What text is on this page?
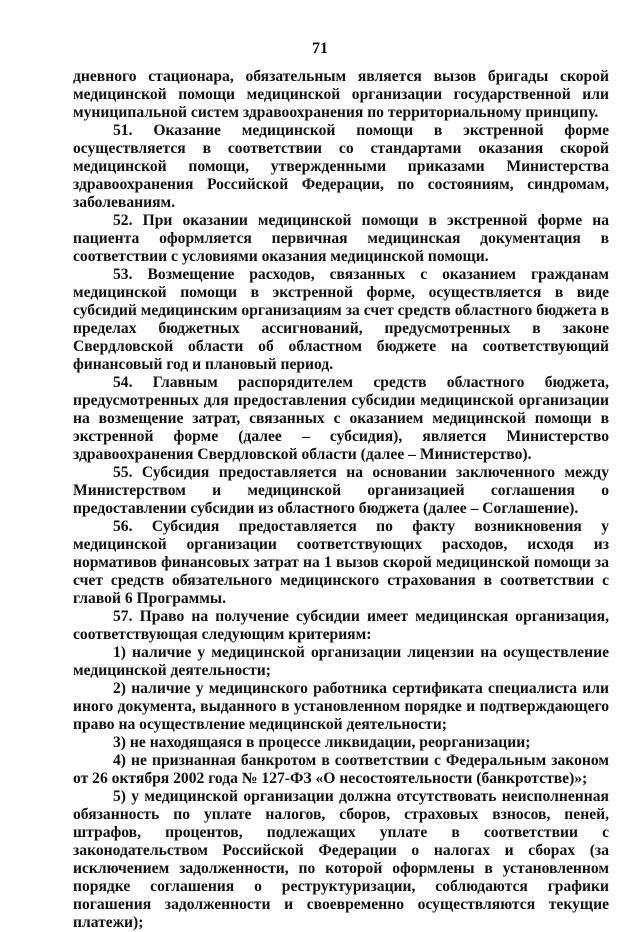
71

дневного стационара, обязательным является вызов бригады скорой медицинской помощи медицинской организации государственной или муниципальной систем здравоохранения по территориальному принципу.

51. Оказание медицинской помощи в экстренной форме осуществляется в соответствии со стандартами оказания скорой медицинской помощи, утвержденными приказами Министерства здравоохранения Российской Федерации, по состояниям, синдромам, заболеваниям.

52. При оказании медицинской помощи в экстренной форме на пациента оформляется первичная медицинская документация в соответствии с условиями оказания медицинской помощи.

53. Возмещение расходов, связанных с оказанием гражданам медицинской помощи в экстренной форме, осуществляется в виде субсидий медицинским организациям за счет средств областного бюджета в пределах бюджетных ассигнований, предусмотренных в законе Свердловской области об областном бюджете на соответствующий финансовый год и плановый период.

54. Главным распорядителем средств областного бюджета, предусмотренных для предоставления субсидии медицинской организации на возмещение затрат, связанных с оказанием медицинской помощи в экстренной форме (далее – субсидия), является Министерство здравоохранения Свердловской области (далее – Министерство).

55. Субсидия предоставляется на основании заключенного между Министерством и медицинской организацией соглашения о предоставлении субсидии из областного бюджета (далее – Соглашение).

56. Субсидия предоставляется по факту возникновения у медицинской организации соответствующих расходов, исходя из нормативов финансовых затрат на 1 вызов скорой медицинской помощи за счет средств обязательного медицинского страхования в соответствии с главой 6 Программы.

57. Право на получение субсидии имеет медицинская организация, соответствующая следующим критериям:

1) наличие у медицинской организации лицензии на осуществление медицинской деятельности;

2) наличие у медицинского работника сертификата специалиста или иного документа, выданного в установленном порядке и подтверждающего право на осуществление медицинской деятельности;

3) не находящаяся в процессе ликвидации, реорганизации;

4) не признанная банкротом в соответствии с Федеральным законом от 26 октября 2002 года № 127-ФЗ «О несостоятельности (банкротстве)»;

5) у медицинской организации должна отсутствовать неисполненная обязанность по уплате налогов, сборов, страховых взносов, пеней, штрафов, процентов, подлежащих уплате в соответствии с законодательством Российской Федерации о налогах и сборах (за исключением задолженности, по которой оформлены в установленном порядке соглашения о реструктуризации, соблюдаются графики погашения задолженности и своевременно осуществляются текущие платежи);
